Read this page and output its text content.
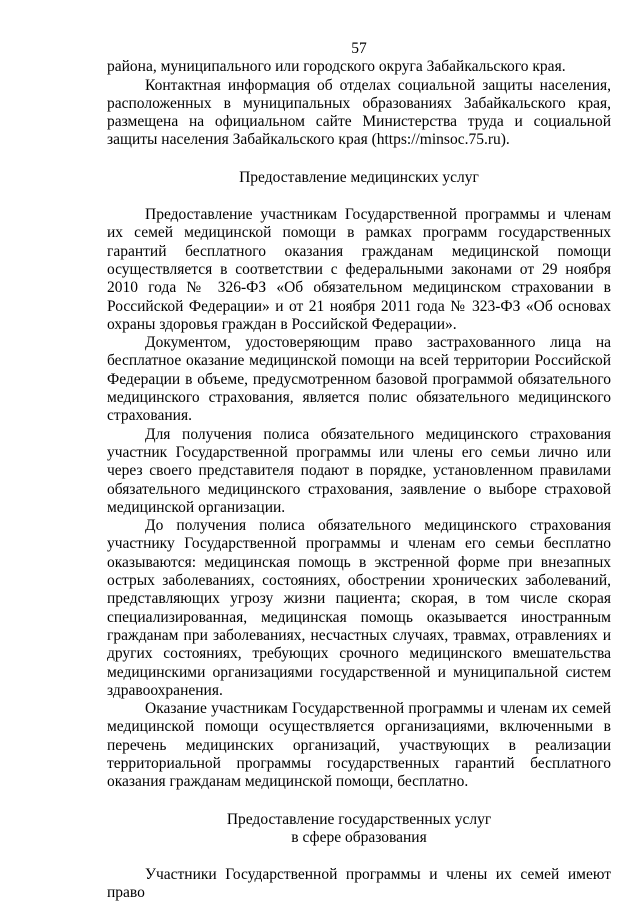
57

района, муниципального или городского округа Забайкальского края.

Контактная информация об отделах социальной защиты населения, расположенных в муниципальных образованиях Забайкальского края, размещена на официальном сайте Министерства труда и социальной защиты населения Забайкальского края (https://minsoc.75.ru).

Предоставление медицинских услуг

Предоставление участникам Государственной программы и членам их семей медицинской помощи в рамках программ государственных гарантий бесплатного оказания гражданам медицинской помощи осуществляется в соответствии с федеральными законами от 29 ноября 2010 года № 326-ФЗ «Об обязательном медицинском страховании в Российской Федерации» и от 21 ноября 2011 года № 323-ФЗ «Об основах охраны здоровья граждан в Российской Федерации».

Документом, удостоверяющим право застрахованного лица на бесплатное оказание медицинской помощи на всей территории Российской Федерации в объеме, предусмотренном базовой программой обязательного медицинского страхования, является полис обязательного медицинского страхования.

Для получения полиса обязательного медицинского страхования участник Государственной программы или члены его семьи лично или через своего представителя подают в порядке, установленном правилами обязательного медицинского страхования, заявление о выборе страховой медицинской организации.

До получения полиса обязательного медицинского страхования участнику Государственной программы и членам его семьи бесплатно оказываются: медицинская помощь в экстренной форме при внезапных острых заболеваниях, состояниях, обострении хронических заболеваний, представляющих угрозу жизни пациента; скорая, в том числе скорая специализированная, медицинская помощь оказывается иностранным гражданам при заболеваниях, несчастных случаях, травмах, отравлениях и других состояниях, требующих срочного медицинского вмешательства медицинскими организациями государственной и муниципальной систем здравоохранения.

Оказание участникам Государственной программы и членам их семей медицинской помощи осуществляется организациями, включенными в перечень медицинских организаций, участвующих в реализации территориальной программы государственных гарантий бесплатного оказания гражданам медицинской помощи, бесплатно.

Предоставление государственных услуг
в сфере образования

Участники Государственной программы и члены их семей имеют право
